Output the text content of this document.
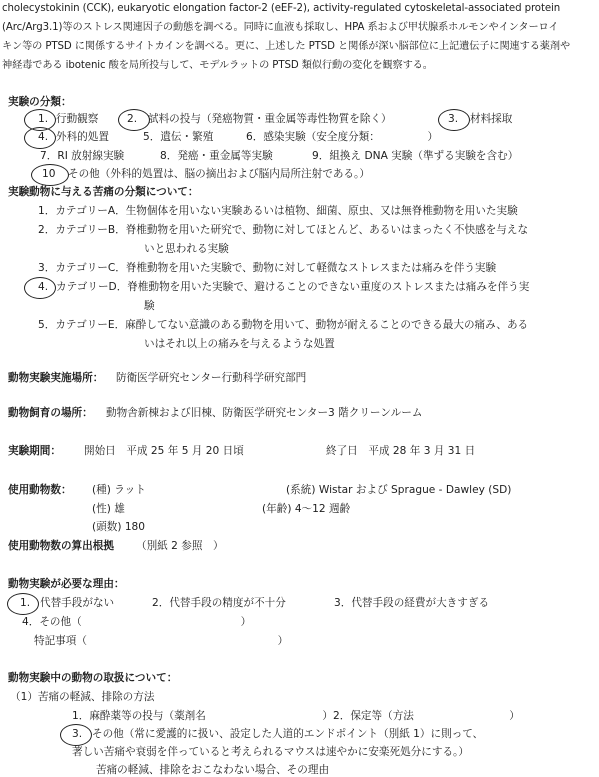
cholecystokinin (CCK), eukaryotic elongation factor-2 (eEF-2), activity-regulated cytoskeletal-associated protein
(Arc/Arg3.1)等のストレス関連因子の動態を調べる。同時に血液も採取し、HPA 系および甲状腺系ホルモンやインターロイ
キン等の PTSD に関係するサイトカインを調べる。更に、上述した PTSD と関係が深い脳部位に上記遺伝子に関連する薬剤や
神経毒である ibotenic 酸を局所投与して、モデルラットの PTSD 類似行動の変化を観察する。
実験の分類：
1. 行動観察	2. 試料の投与（発癌物質・重金属等毒性物質を除く）	3. 材料採取
4. 外科的処置	5．遺伝・繁殖	6．感染実験（安全度分類：　　　　　）
7．RI 放射線実験	8．発癌・重金属等実験	9．組換え DNA 実験（準ずる実験を含む）
10 その他（外科的処置は、脳の摘出および脳内局所注射である。）
実験動物に与える苦痛の分類について：
1．カテゴリーA．生物個体を用いない実験あるいは植物、細菌、原虫、又は無脊椎動物を用いた実験
2．カテゴリーB．脊椎動物を用いた研究で、動物に対してほとんど、あるいはまったく不快感を与えな
いと思われる実験
3．カテゴリーC．脊椎動物を用いた実験で、動物に対して軽微なストレスまたは痛みを伴う実験
4. カテゴリーD．脊椎動物を用いた実験で、避けることのできない重度のストレスまたは痛みを伴う実
験
5．カテゴリーE．麻酔してない意識のある動物を用いて、動物が耐えることのできる最大の痛み、ある
いはそれ以上の痛みを与えるような処置
動物実験実施場所： 防衛医学研究センター行動科学研究部門
動物飼育の場所： 動物舎新棟および旧棟、防衛医学研究センター3 階クリーンルーム
実験期間： 開始日　平成 25 年 5 月 20 日頃	終了日　平成 28 年 3 月 31 日
使用動物数： (種) ラット	(系統) Wistar および Sprague - Dawley (SD)
(性) 雄	(年齢) 4～12 週齢
(頭数) 180
使用動物数の算出根拠 （別紙 2 参照　）
動物実験が必要な理由：
1. 代替手段がない	2．代替手段の精度が不十分	3．代替手段の経費が大きすぎる
4．その他（　　　　　　　　　　　　　　　）
特記事項（　　　　　　　　　　　　　　　　　　）
動物実験中の動物の取扱について：
（1）苦痛の軽減、排除の方法
1．麻酔薬等の投与（薬剤名　　　　　　　　　　　）2．保定等（方法　　　　　　　　　）
3. その他（常に愛護的に扱い、設定した人道的エンドポイント（別紙 1）に則って、
著しい苦痛や衰弱を伴っていると考えられるマウスは速やかに安楽死処分にする。）
苦痛の軽減、排除をおこなわない場合、その理由
